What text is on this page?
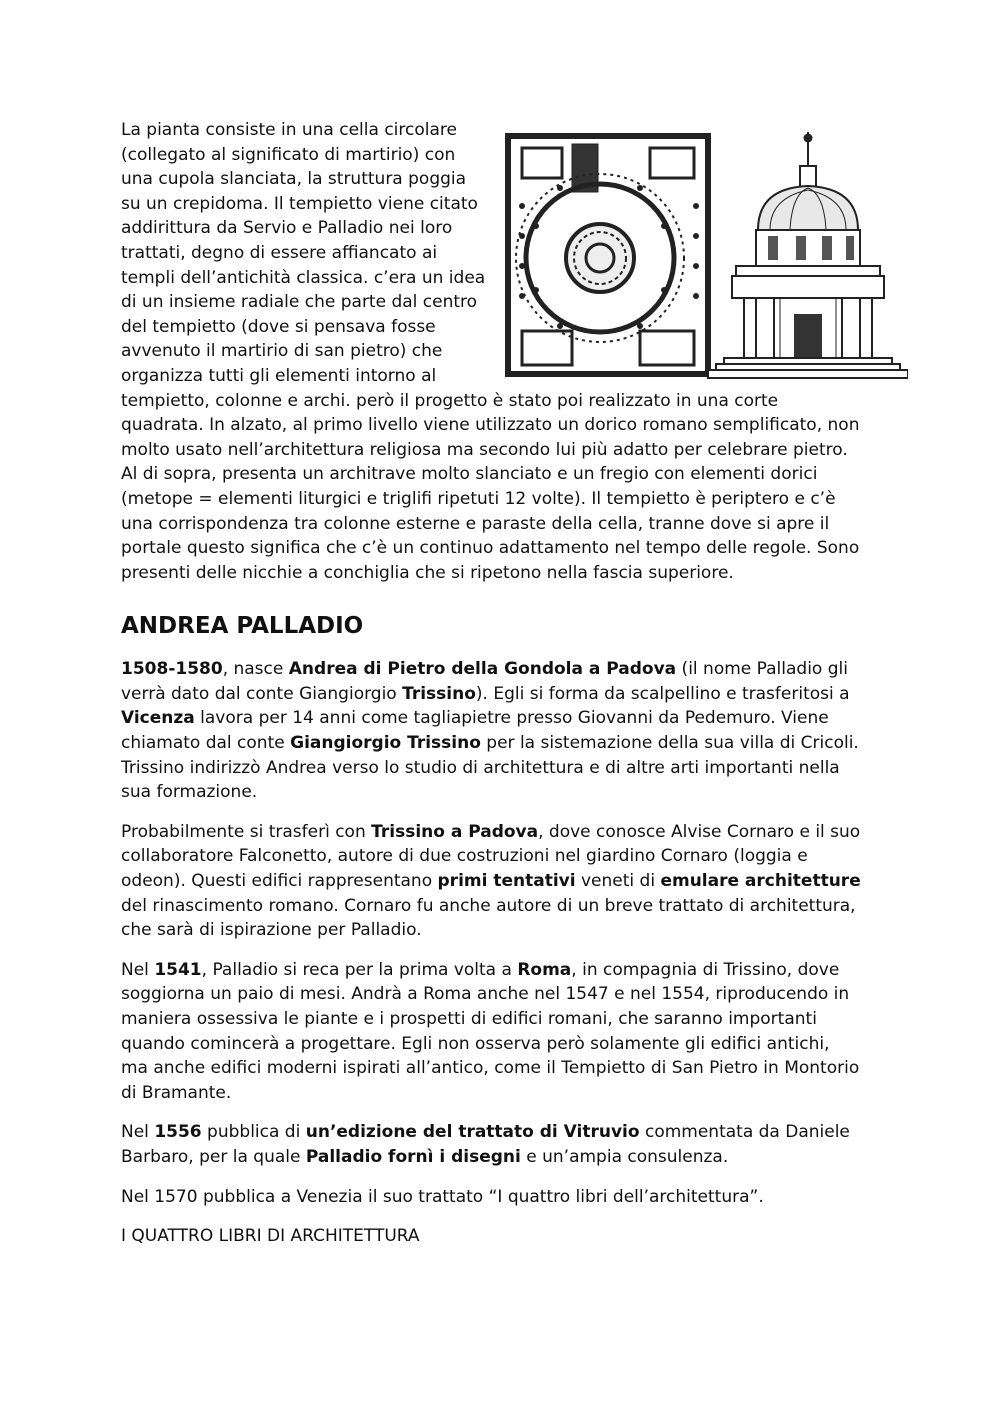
La pianta consiste in una cella circolare (collegato al significato di martirio) con una cupola slanciata, la struttura poggia su un crepidoma. Il tempietto viene citato addirittura da Servio e Palladio nei loro trattati, degno di essere affiancato ai templi dell’antichità classica. c’era un idea di un insieme radiale che parte dal centro del tempietto (dove si pensava fosse avvenuto il martirio di san pietro) che organizza tutti gli elementi intorno al tempietto, colonne e archi. però il progetto è stato poi realizzato in una corte quadrata. In alzato, al primo livello viene utilizzato un dorico romano semplificato, non molto usato nell’architettura religiosa ma secondo lui più adatto per celebrare pietro. Al di sopra, presenta un architrave molto slanciato e un fregio con elementi dorici (metope = elementi liturgici e triglifi ripetuti 12 volte). Il tempietto è periptero e c’è una corrispondenza tra colonne esterne e paraste della cella, tranne dove si apre il portale questo significa che c’è un continuo adattamento nel tempo delle regole. Sono presenti delle nicchie a conchiglia che si ripetono nella fascia superiore.

ANDREA PALLADIO

1508-1580, nasce Andrea di Pietro della Gondola a Padova (il nome Palladio gli verrà dato dal conte Giangiorgio Trissino). Egli si forma da scalpellino e trasferitosi a Vicenza lavora per 14 anni come tagliapietre presso Giovanni da Pedemuro. Viene chiamato dal conte Giangiorgio Trissino per la sistemazione della sua villa di Cricoli. Trissino indirizzò Andrea verso lo studio di architettura e di altre arti importanti nella sua formazione.

Probabilmente si trasferì con Trissino a Padova, dove conosce Alvise Cornaro e il suo collaboratore Falconetto, autore di due costruzioni nel giardino Cornaro (loggia e odeon). Questi edifici rappresentano primi tentativi veneti di emulare architetture del rinascimento romano. Cornaro fu anche autore di un breve trattato di architettura, che sarà di ispirazione per Palladio.

Nel 1541, Palladio si reca per la prima volta a Roma, in compagnia di Trissino, dove soggiorna un paio di mesi. Andrà a Roma anche nel 1547 e nel 1554, riproducendo in maniera ossessiva le piante e i prospetti di edifici romani, che saranno importanti quando comincerà a progettare. Egli non osserva però solamente gli edifici antichi, ma anche edifici moderni ispirati all’antico, come il Tempietto di San Pietro in Montorio di Bramante.

Nel 1556 pubblica di un’edizione del trattato di Vitruvio commentata da Daniele Barbaro, per la quale Palladio fornì i disegni e un’ampia consulenza.

Nel 1570 pubblica a Venezia il suo trattato “I quattro libri dell’architettura”.

I QUATTRO LIBRI DI ARCHITETTURA
